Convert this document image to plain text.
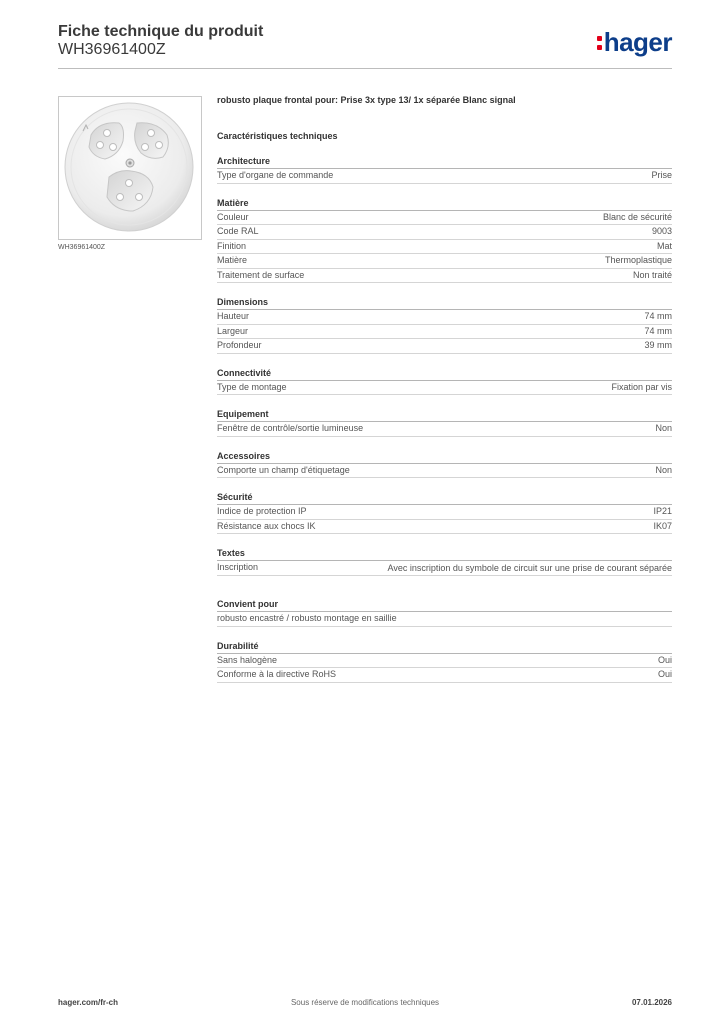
Fiche technique du produit
WH36961400Z	hager
WH36961400Z
robusto plaque frontal pour: Prise 3x type 13/ 1x séparée Blanc signal
Caractéristiques techniques
Architecture
Type d'organe de commande	Prise
Matière
Couleur	Blanc de sécurité
Code RAL	9003
Finition	Mat
Matière	Thermoplastique
Traitement de surface	Non traité
Dimensions
Hauteur	74 mm
Largeur	74 mm
Profondeur	39 mm
Connectivité
Type de montage	Fixation par vis
Equipement
Fenêtre de contrôle/sortie lumineuse	Non
Accessoires
Comporte un champ d'étiquetage	Non
Sécurité
Indice de protection IP	IP21
Résistance aux chocs IK	IK07
Textes
Inscription	Avec inscription du symbole de circuit sur une prise de courant séparée
Convient pour
robusto encastré / robusto montage en saillie
Durabilité
Sans halogène	Oui
Conforme à la directive RoHS	Oui
hager.com/fr-ch	Sous réserve de modifications techniques	07.01.2026
